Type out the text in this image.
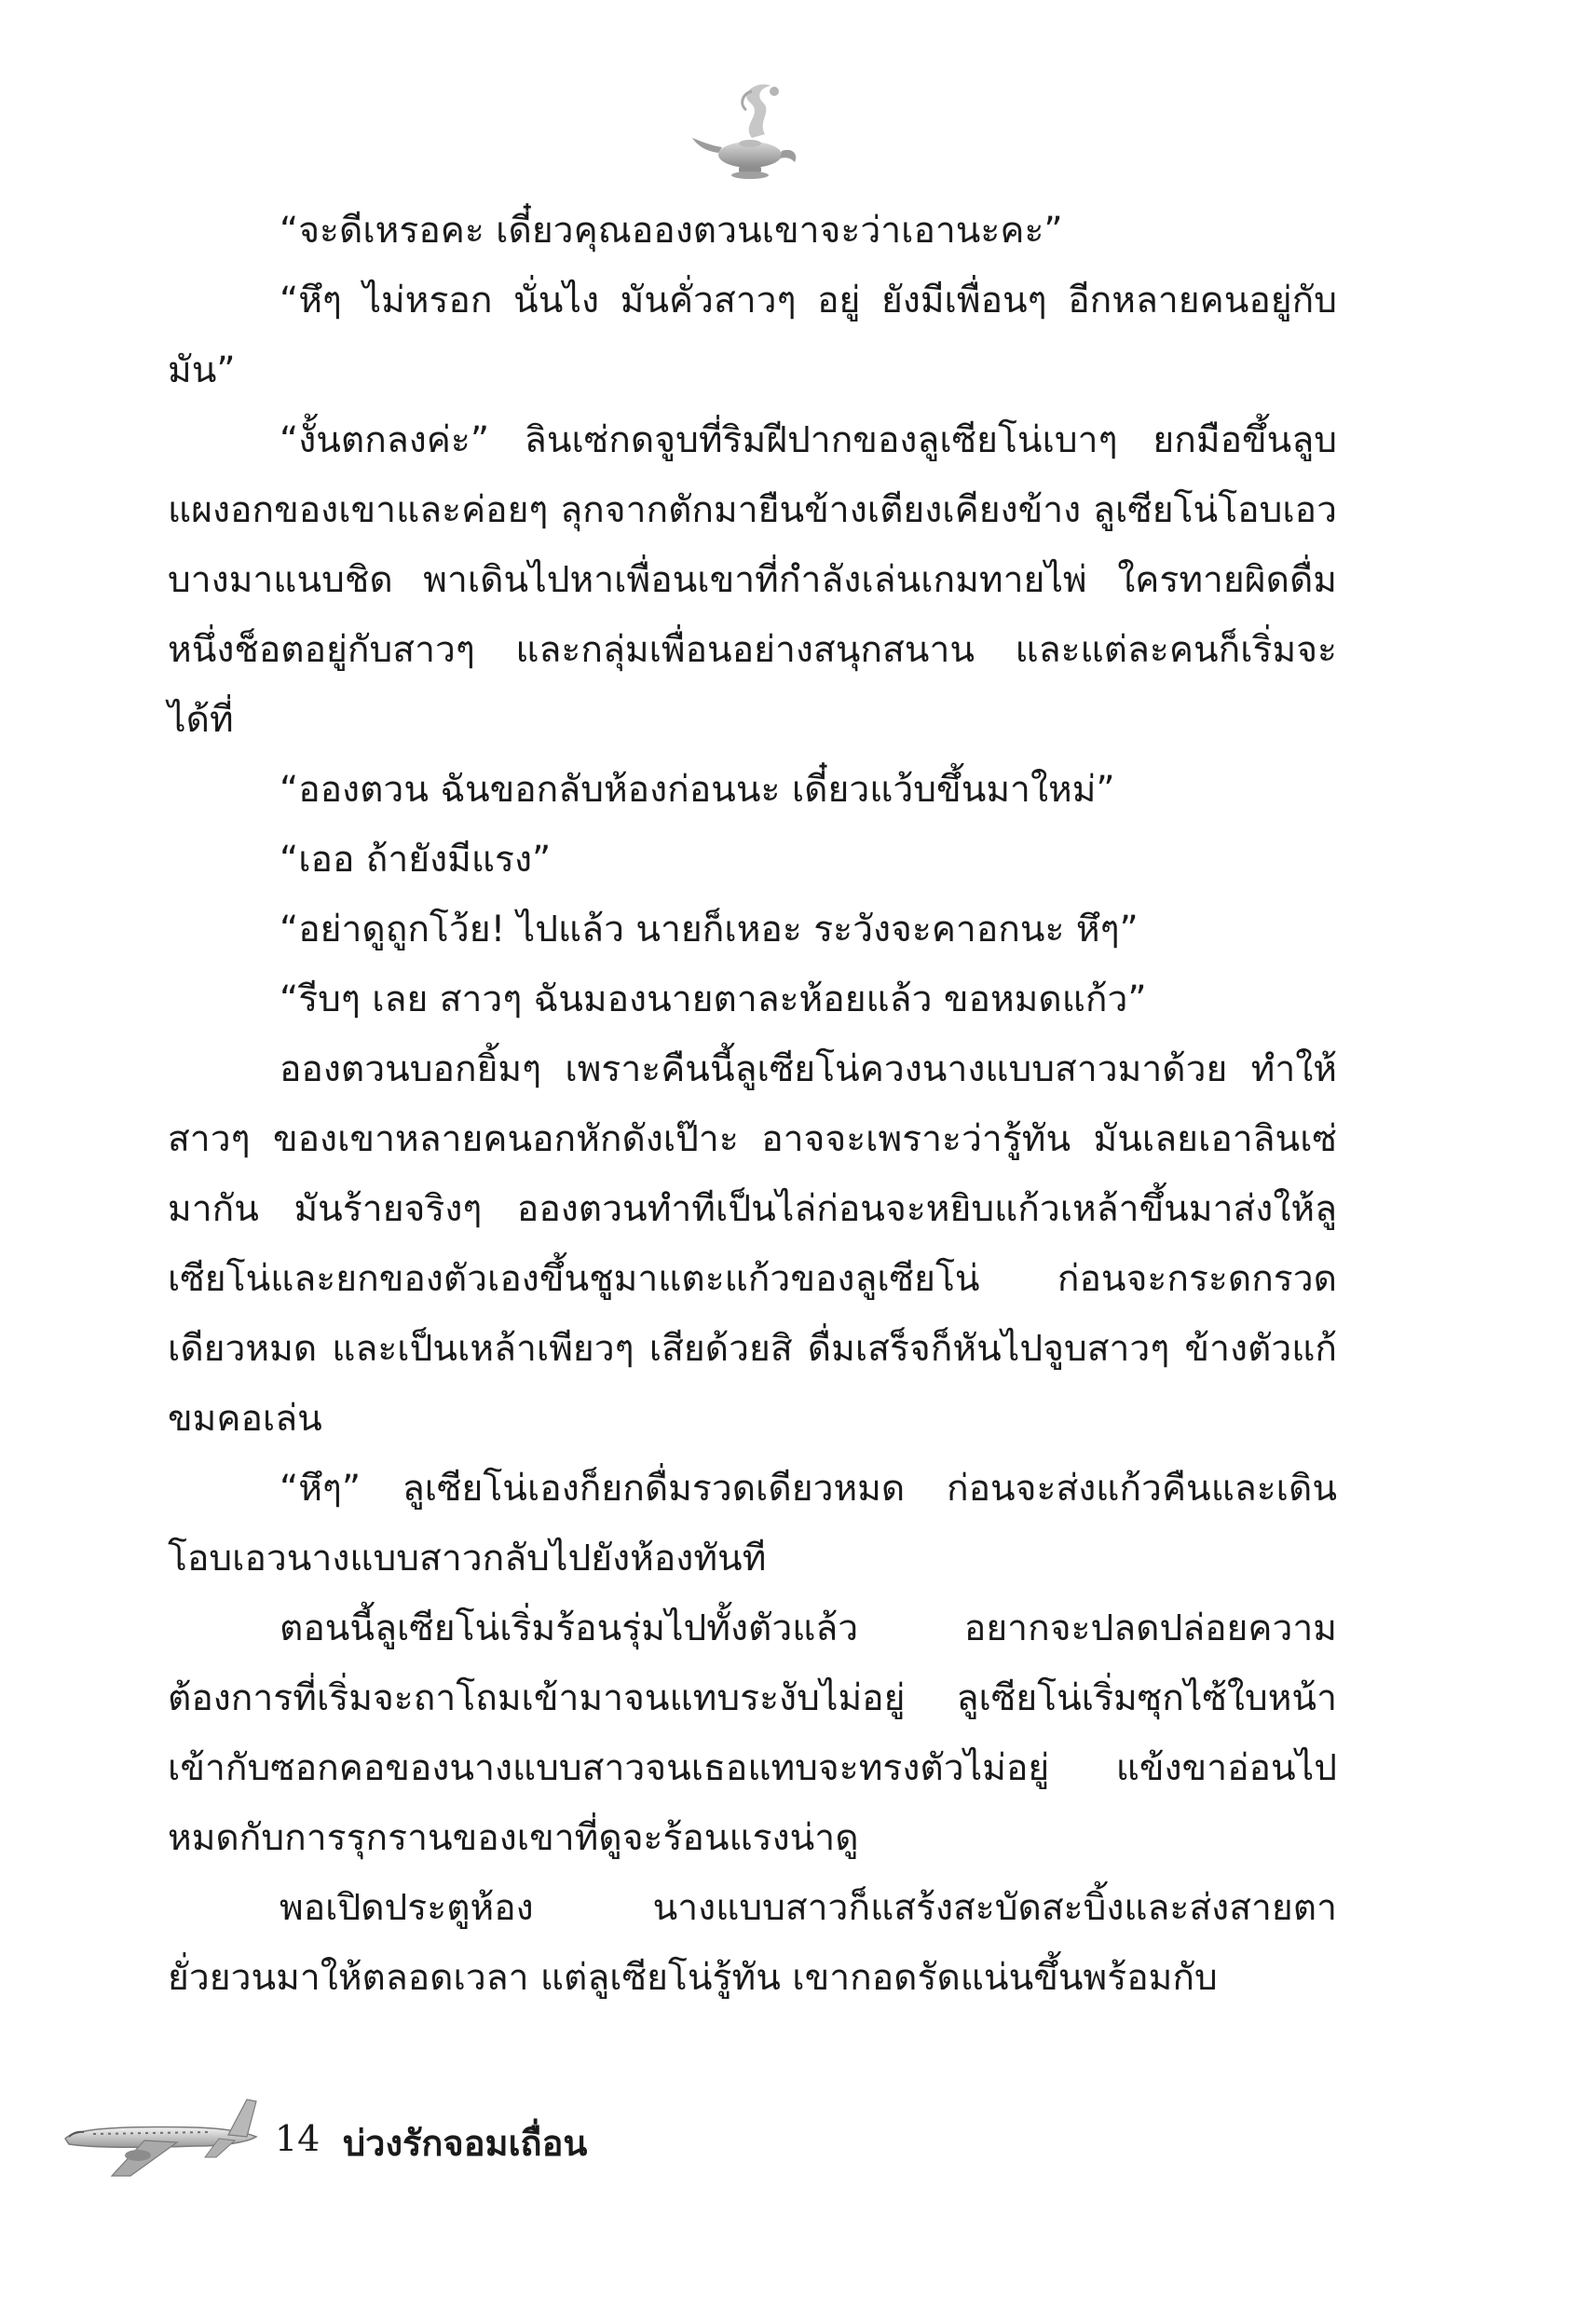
“จะดีเหรอคะ เดี๋ยวคุณอองตวนเขาจะว่าเอานะคะ”

“หึๆ ไม่หรอก นั่นไง มันคั่วสาวๆ อยู่ ยังมีเพื่อนๆ อีกหลายคนอยู่กับมัน”

“งั้นตกลงค่ะ” ลินเซ่กดจูบที่ริมฝีปากของลูเซียโน่เบาๆ ยกมือขึ้นลูบแผงอกของเขาและค่อยๆ ลุกจากตักมายืนข้างเตียงเคียงข้าง ลูเซียโน่โอบเอวบางมาแนบชิด พาเดินไปหาเพื่อนเขาที่กำลังเล่นเกมทายไพ่ ใครทายผิดดื่มหนึ่งช็อตอยู่กับสาวๆ และกลุ่มเพื่อนอย่างสนุกสนาน และแต่ละคนก็เริ่มจะได้ที่

“อองตวน ฉันขอกลับห้องก่อนนะ เดี๋ยวแว้บขึ้นมาใหม่”

“เออ ถ้ายังมีแรง”

“อย่าดูถูกโว้ย! ไปแล้ว นายก็เหอะ ระวังจะคาอกนะ หึๆ”

“รีบๆ เลย สาวๆ ฉันมองนายตาละห้อยแล้ว ขอหมดแก้ว”

อองตวนบอกยิ้มๆ เพราะคืนนี้ลูเซียโน่ควงนางแบบสาวมาด้วย ทำให้สาวๆ ของเขาหลายคนอกหักดังเป๊าะ อาจจะเพราะว่ารู้ทัน มันเลยเอาลินเซ่มากัน มันร้ายจริงๆ อองตวนทำทีเป็นไล่ก่อนจะหยิบแก้วเหล้าขึ้นมาส่งให้ลูเซียโน่และยกของตัวเองขึ้นชูมาแตะแก้วของลูเซียโน่ ก่อนจะกระดกรวดเดียวหมด และเป็นเหล้าเพียวๆ เสียด้วยสิ ดื่มเสร็จก็หันไปจูบสาวๆ ข้างตัวแก้ขมคอเล่น

“หึๆ” ลูเซียโน่เองก็ยกดื่มรวดเดียวหมด ก่อนจะส่งแก้วคืนและเดินโอบเอวนางแบบสาวกลับไปยังห้องทันที

ตอนนี้ลูเซียโน่เริ่มร้อนรุ่มไปทั้งตัวแล้ว อยากจะปลดปล่อยความต้องการที่เริ่มจะถาโถมเข้ามาจนแทบระงับไม่อยู่ ลูเซียโน่เริ่มซุกไซ้ใบหน้าเข้ากับซอกคอของนางแบบสาวจนเธอแทบจะทรงตัวไม่อยู่ แข้งขาอ่อนไปหมดกับการรุกรานของเขาที่ดูจะร้อนแรงน่าดู

พอเปิดประตูห้อง นางแบบสาวก็แสร้งสะบัดสะบิ้งและส่งสายตายั่วยวนมาให้ตลอดเวลา แต่ลูเซียโน่รู้ทัน เขากอดรัดแน่นขึ้นพร้อมกับ

14 บ่วงรักจอมเถื่อน
